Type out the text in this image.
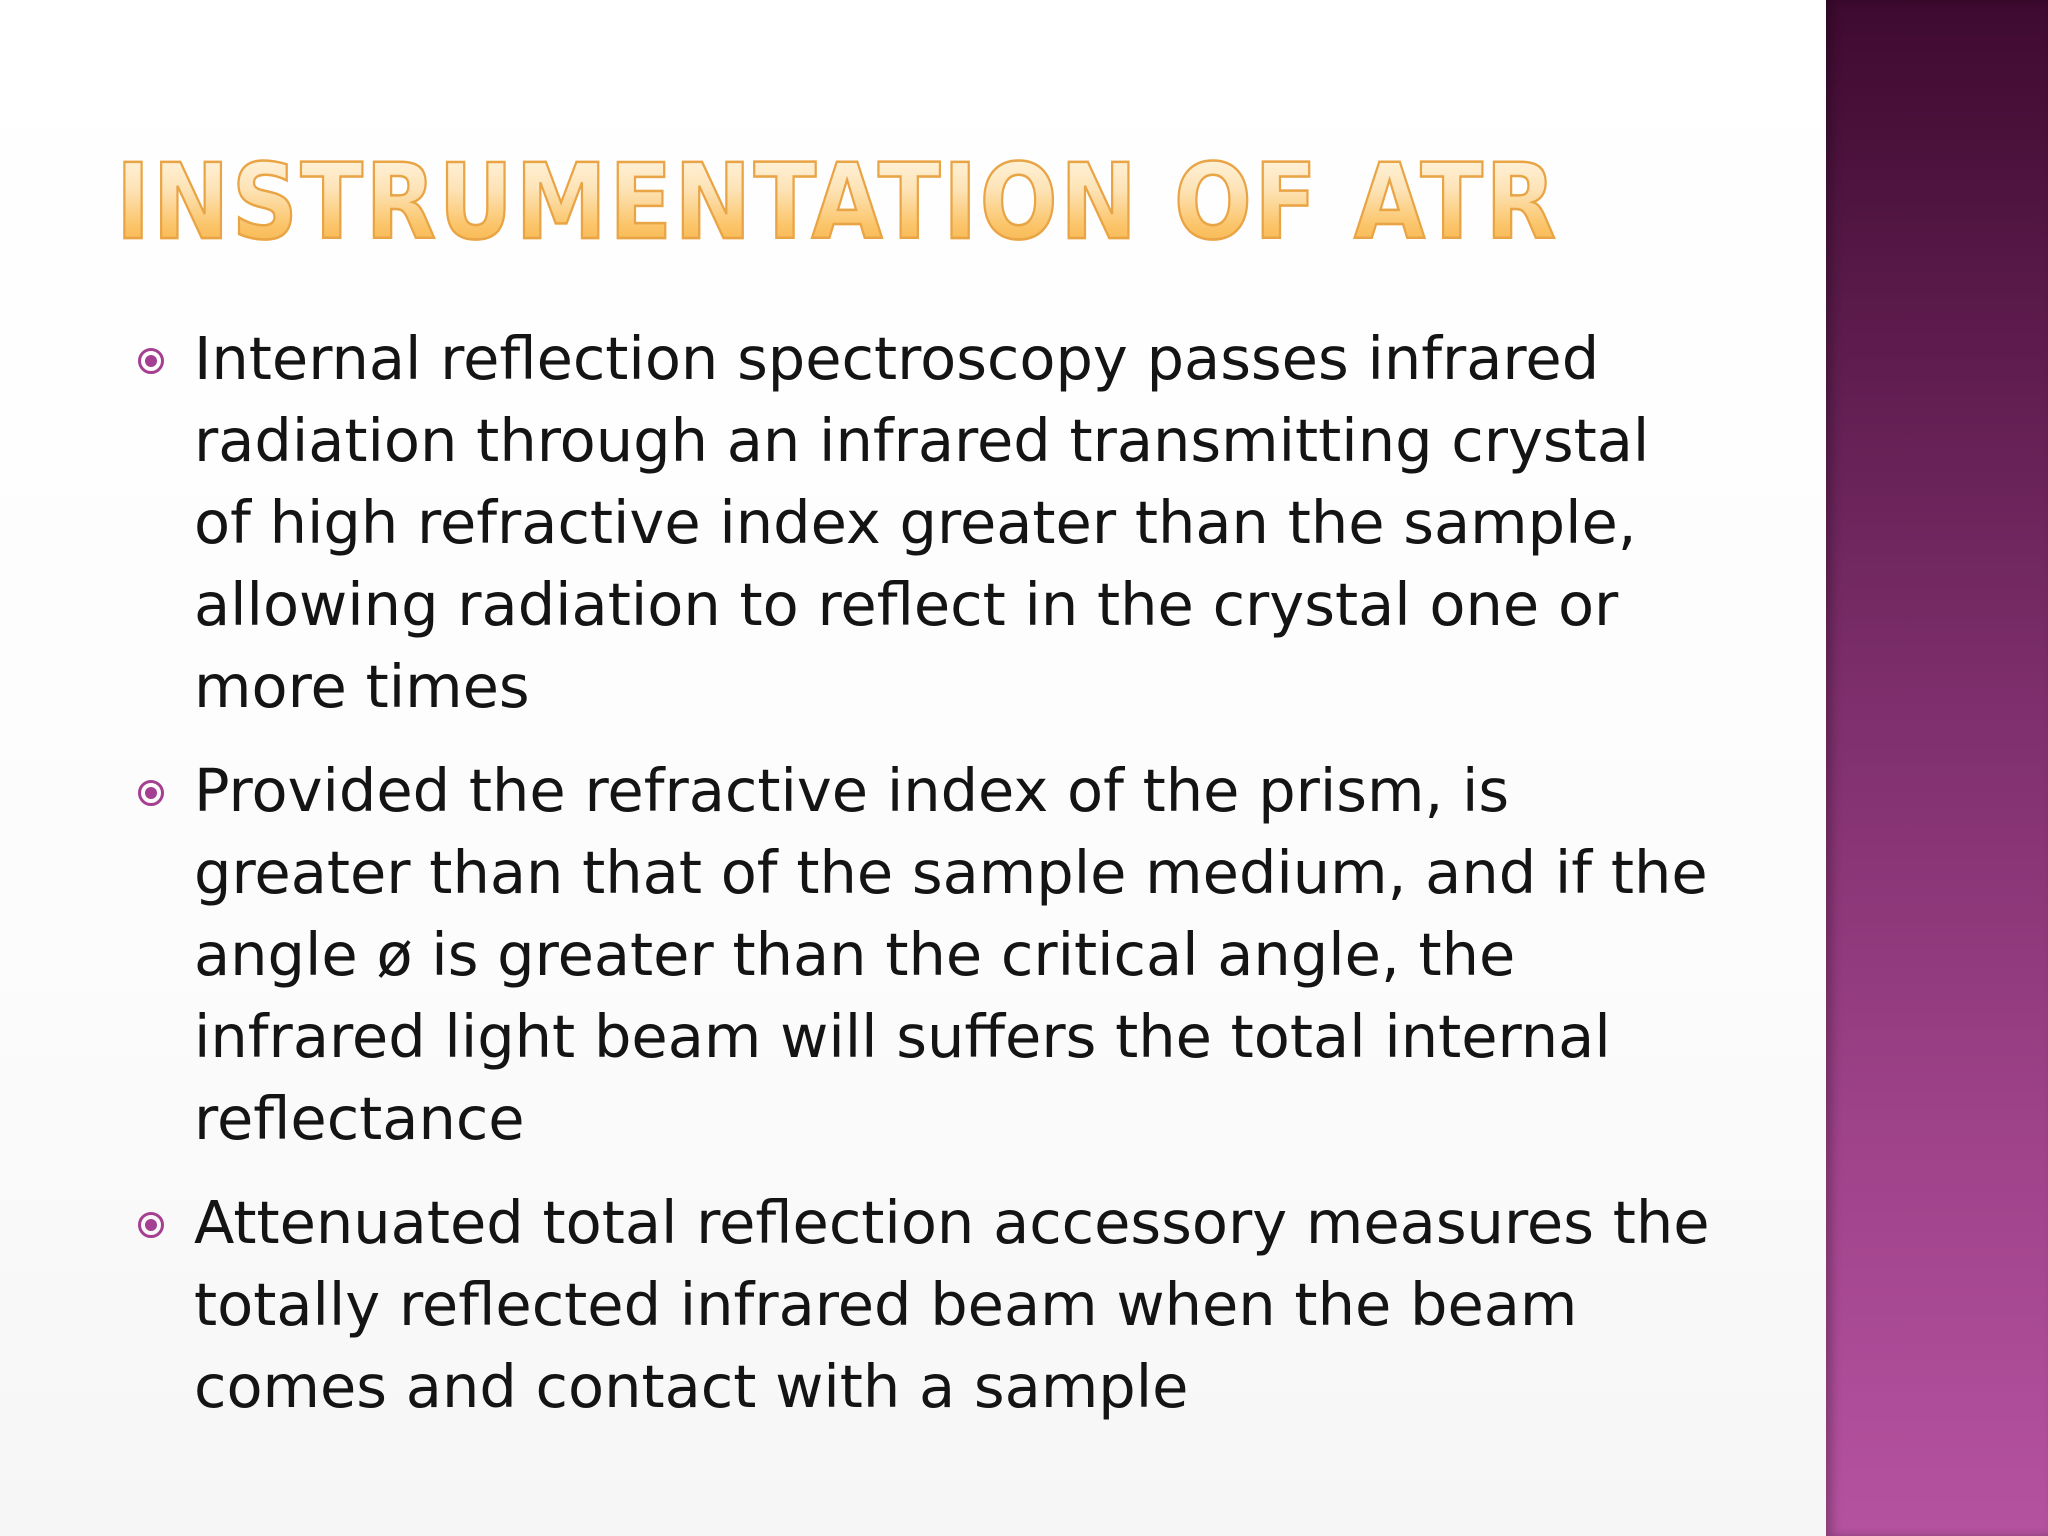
INSTRUMENTATION OF ATR
Internal reflection spectroscopy passes infrared radiation through an infrared transmitting crystal of high refractive index greater than the sample, allowing radiation to reflect in the crystal one or more times
Provided the refractive index of the prism, is greater than that of the sample medium, and if the angle ø is greater than the critical angle, the infrared light beam will suffers the total internal reflectance
Attenuated total reflection accessory measures the totally reflected infrared beam when the beam comes and contact with a sample
